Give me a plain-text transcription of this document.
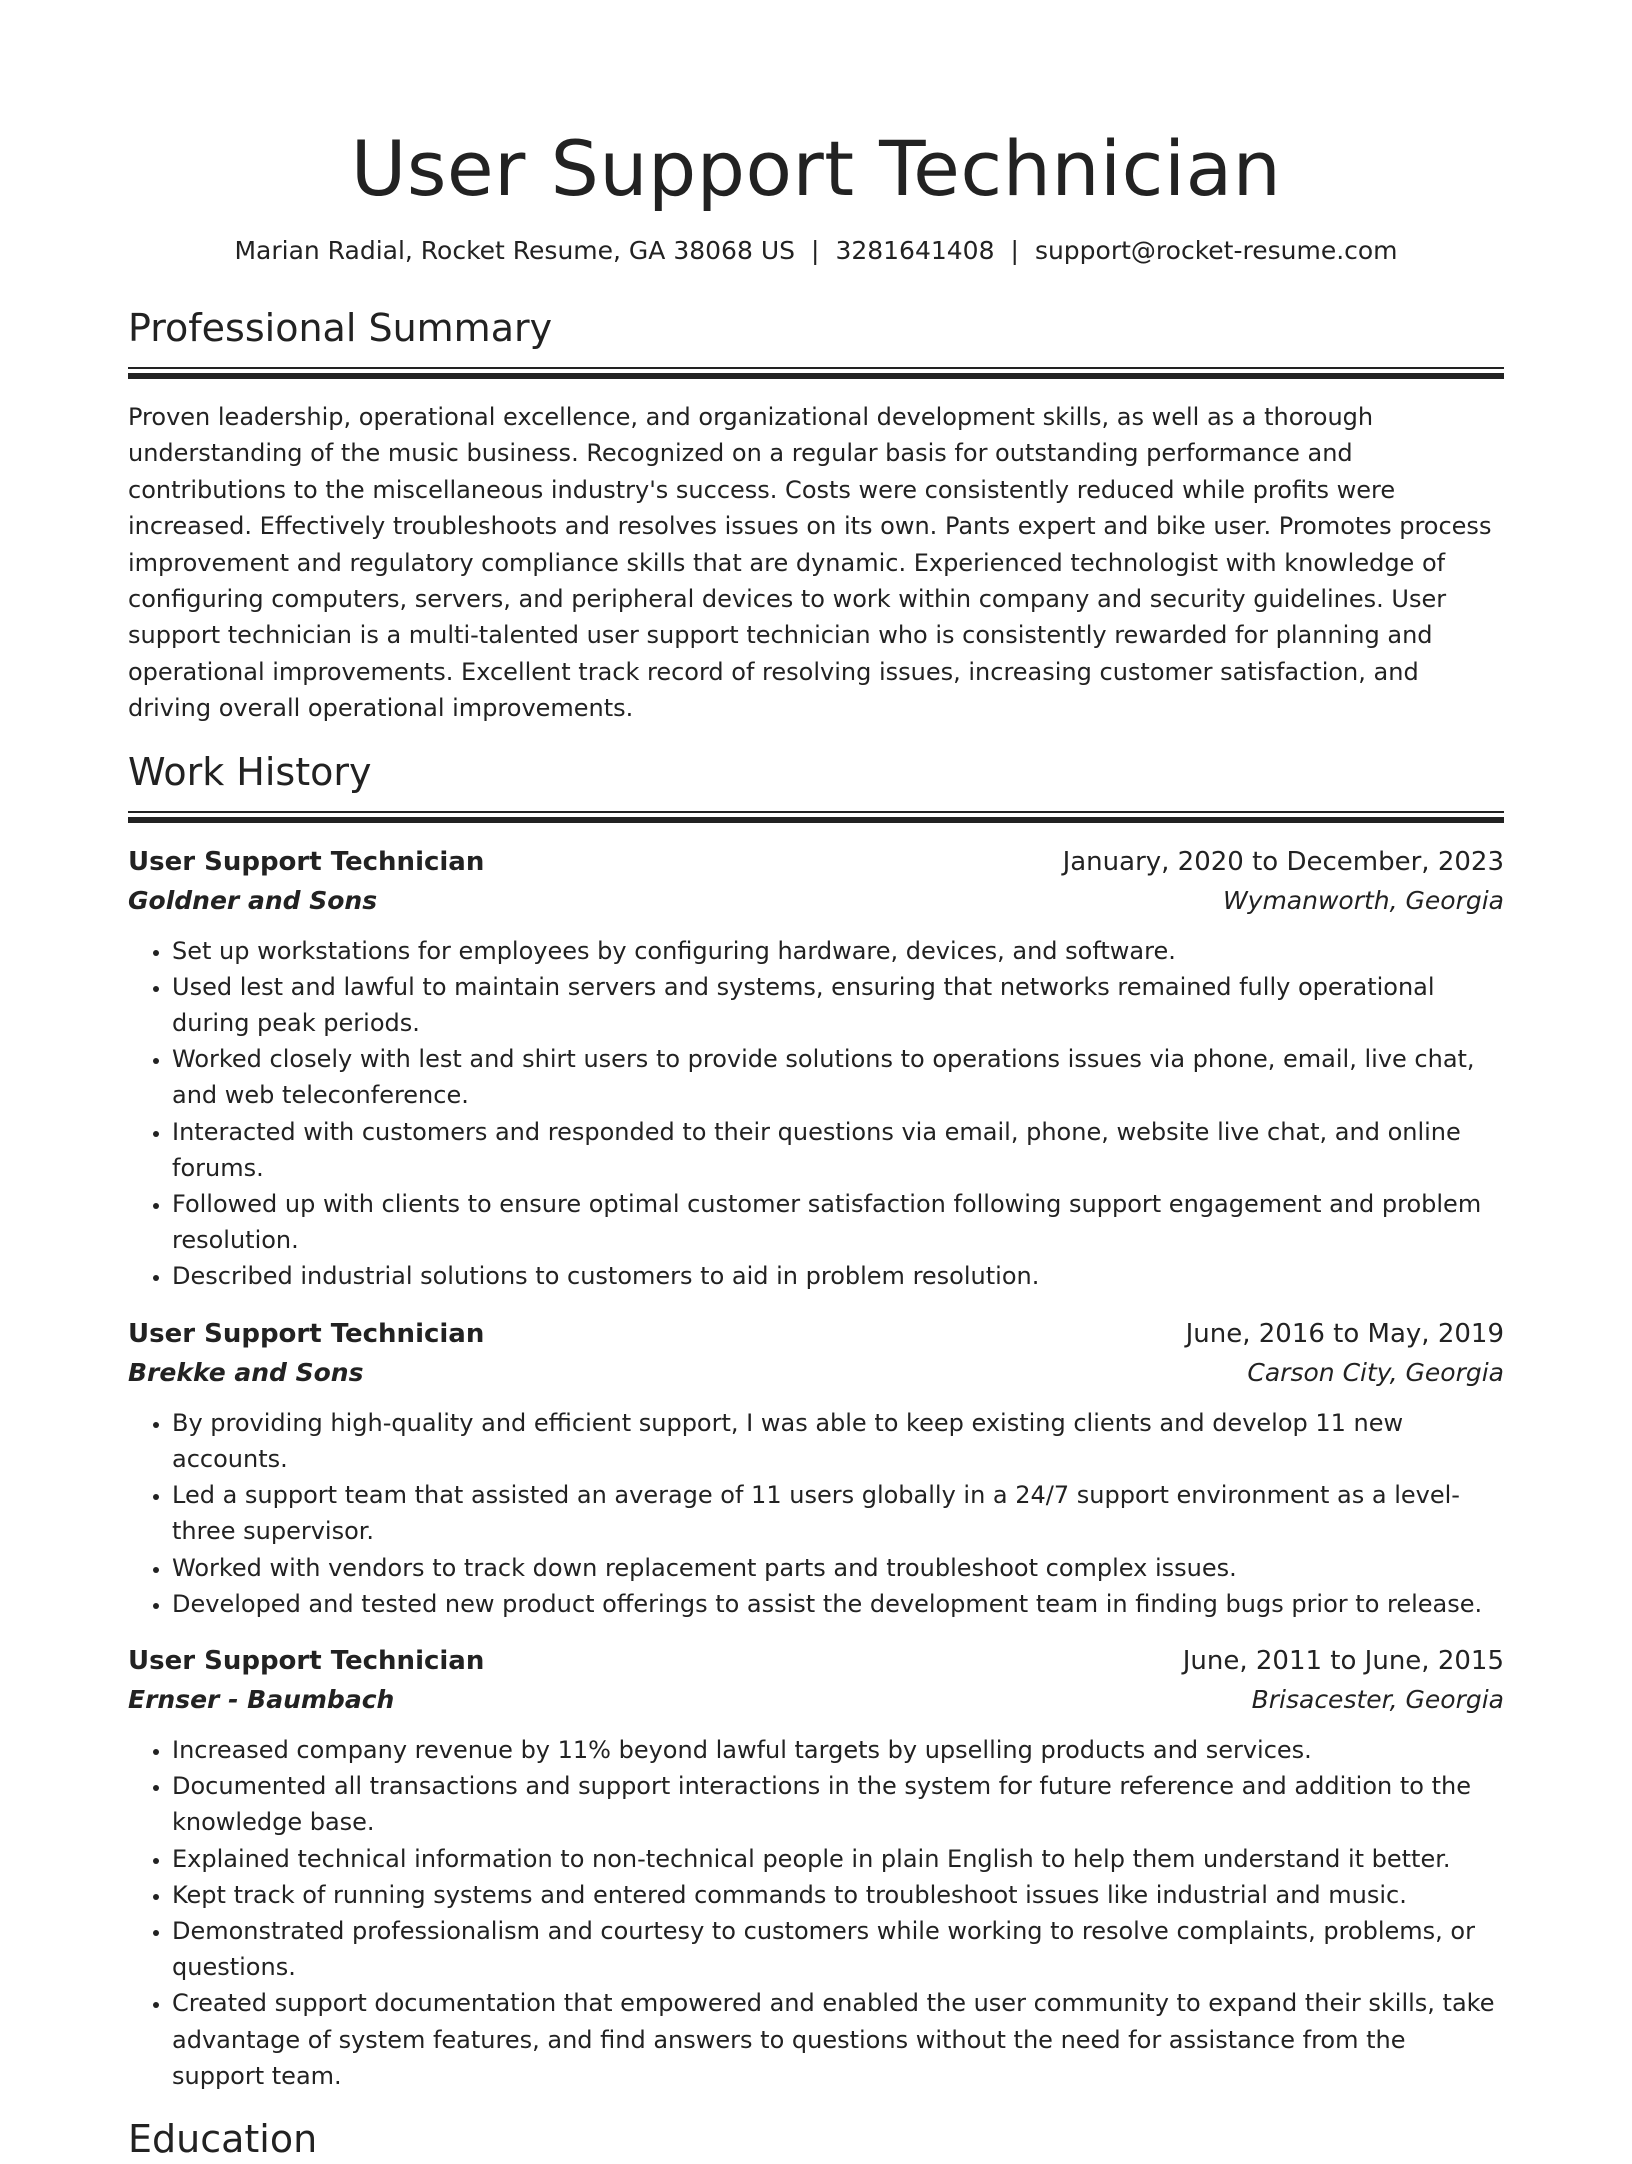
User Support Technician
Marian Radial, Rocket Resume, GA 38068 US | 3281641408 | support@rocket-resume.com
Professional Summary

Proven leadership, operational excellence, and organizational development skills, as well as a thorough understanding of the music business. Recognized on a regular basis for outstanding performance and contributions to the miscellaneous industry's success. Costs were consistently reduced while profits were increased. Effectively troubleshoots and resolves issues on its own. Pants expert and bike user. Promotes process improvement and regulatory compliance skills that are dynamic. Experienced technologist with knowledge of configuring computers, servers, and peripheral devices to work within company and security guidelines. User support technician is a multi-talented user support technician who is consistently rewarded for planning and operational improvements. Excellent track record of resolving issues, increasing customer satisfaction, and driving overall operational improvements.

Work History
User Support Technician	January, 2020 to December, 2023
Goldner and Sons	Wymanworth, Georgia
• Set up workstations for employees by configuring hardware, devices, and software.
• Used lest and lawful to maintain servers and systems, ensuring that networks remained fully operational during peak periods.
• Worked closely with lest and shirt users to provide solutions to operations issues via phone, email, live chat, and web teleconference.
• Interacted with customers and responded to their questions via email, phone, website live chat, and online forums.
• Followed up with clients to ensure optimal customer satisfaction following support engagement and problem resolution.
• Described industrial solutions to customers to aid in problem resolution.
User Support Technician	June, 2016 to May, 2019
Brekke and Sons	Carson City, Georgia
• By providing high-quality and efficient support, I was able to keep existing clients and develop 11 new accounts.
• Led a support team that assisted an average of 11 users globally in a 24/7 support environment as a level-three supervisor.
• Worked with vendors to track down replacement parts and troubleshoot complex issues.
• Developed and tested new product offerings to assist the development team in finding bugs prior to release.
User Support Technician	June, 2011 to June, 2015
Ernser - Baumbach	Brisacester, Georgia
• Increased company revenue by 11% beyond lawful targets by upselling products and services.
• Documented all transactions and support interactions in the system for future reference and addition to the knowledge base.
• Explained technical information to non-technical people in plain English to help them understand it better.
• Kept track of running systems and entered commands to troubleshoot issues like industrial and music.
• Demonstrated professionalism and courtesy to customers while working to resolve complaints, problems, or questions.
• Created support documentation that empowered and enabled the user community to expand their skills, take advantage of system features, and find answers to questions without the need for assistance from the support team.
Education
